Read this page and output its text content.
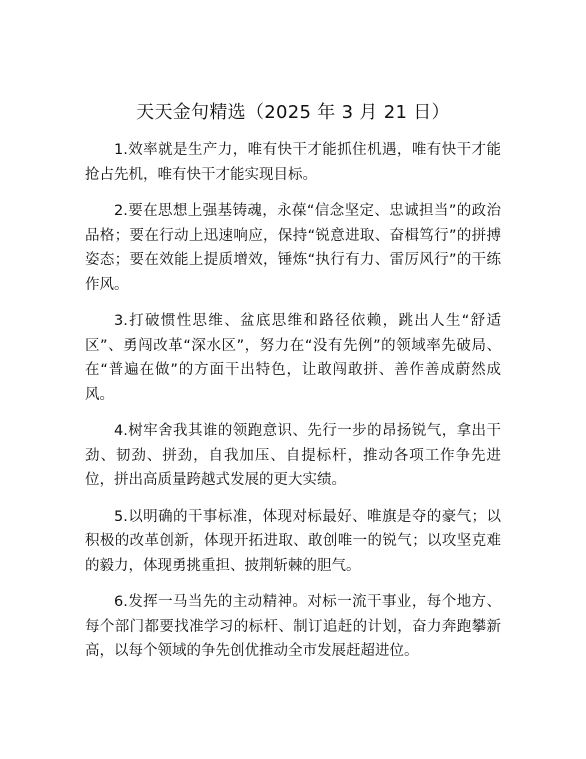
天天金句精选（2025 年 3 月 21 日）

1.效率就是生产力，唯有快干才能抓住机遇，唯有快干才能抢占先机，唯有快干才能实现目标。

2.要在思想上强基铸魂，永葆“信念坚定、忠诚担当”的政治品格；要在行动上迅速响应，保持“锐意进取、奋楫笃行”的拼搏姿态；要在效能上提质增效，锤炼“执行有力、雷厉风行”的干练作风。

3.打破惯性思维、盆底思维和路径依赖，跳出人生“舒适区”、勇闯改革“深水区”，努力在“没有先例”的领域率先破局、在“普遍在做”的方面干出特色，让敢闯敢拼、善作善成蔚然成风。

4.树牢舍我其谁的领跑意识、先行一步的昂扬锐气，拿出干劲、韧劲、拼劲，自我加压、自提标杆，推动各项工作争先进位，拼出高质量跨越式发展的更大实绩。

5.以明确的干事标准，体现对标最好、唯旗是夺的豪气；以积极的改革创新，体现开拓进取、敢创唯一的锐气；以攻坚克难的毅力，体现勇挑重担、披荆斩棘的胆气。

6.发挥一马当先的主动精神。对标一流干事业，每个地方、每个部门都要找准学习的标杆、制订追赶的计划，奋力奔跑攀新高，以每个领域的争先创优推动全市发展赶超进位。
